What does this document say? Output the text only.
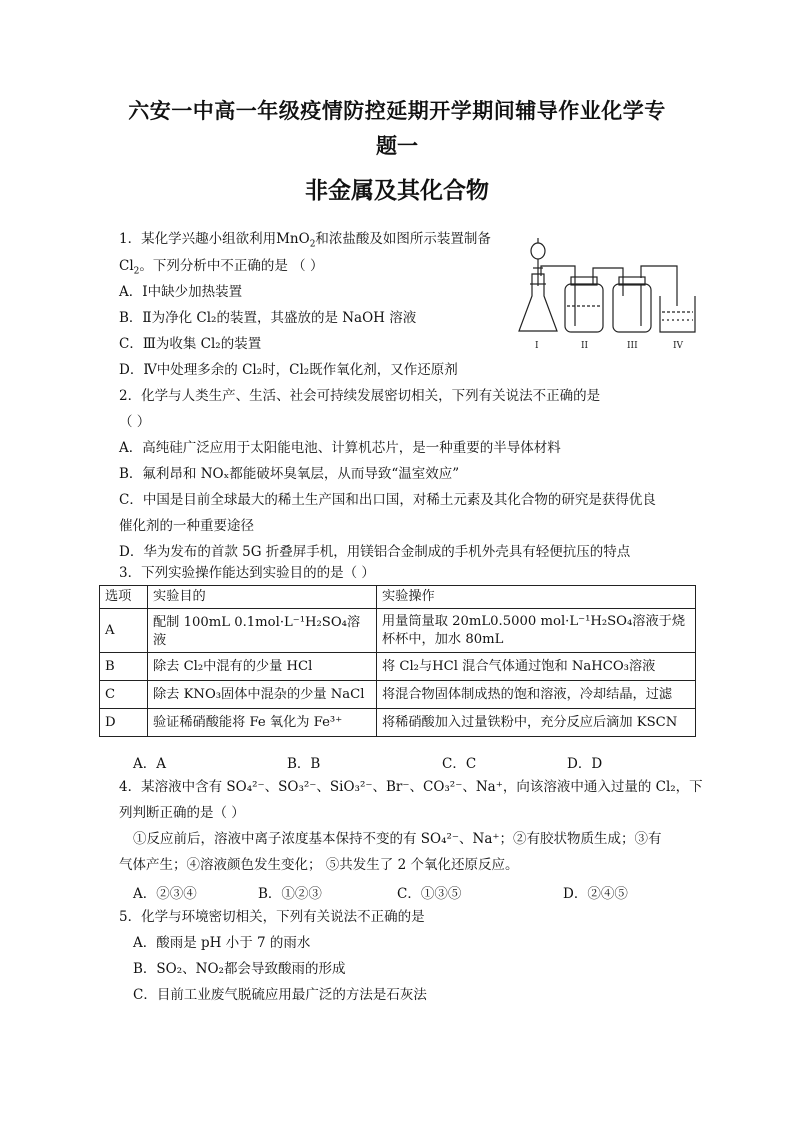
六安一中高一年级疫情防控延期开学期间辅导作业化学专
题一
非金属及其化合物
1．某化学兴趣小组欲利用MnO$_2$和浓盐酸及如图所示装置制备
$Cl_2$。下列分析中不正确的是 （ ）
A．I中缺少加热装置
B．Ⅱ为净化 Cl₂的装置，其盛放的是 NaOH 溶液
C．Ⅲ为收集 Cl₂的装置
D．Ⅳ中处理多余的 Cl₂时，Cl₂既作氧化剂，又作还原剂
I	II	III	IV
2．化学与人类生产、生活、社会可持续发展密切相关，下列有关说法不正确的是
（ ）
A．高纯硅广泛应用于太阳能电池、计算机芯片，是一种重要的半导体材料
B．氟利昂和 NOₓ都能破坏臭氧层，从而导致“温室效应”
C．中国是目前全球最大的稀土生产国和出口国，对稀土元素及其化合物的研究是获得优良
催化剂的一种重要途径
D．华为发布的首款 5G 折叠屏手机，用镁铝合金制成的手机外壳具有轻便抗压的特点
3．下列实验操作能达到实验目的的是（ ）
选项	实验目的	实验操作
A	配制 100mL 0.1mol·L⁻¹H₂SO₄溶液	用量筒量取 20mL0.5000 mol·L⁻¹H₂SO₄溶液于烧杯杯中，加水 80mL
B	除去 Cl₂中混有的少量 HCl	将 Cl₂与HCl 混合气体通过饱和 NaHCO₃溶液
C	除去 KNO₃固体中混杂的少量 NaCl	将混合物固体制成热的饱和溶液，冷却结晶，过滤
D	验证稀硝酸能将 Fe 氧化为 Fe³⁺	将稀硝酸加入过量铁粉中，充分反应后滴加 KSCN
A．A	B．B	C．C	D．D
4．某溶液中含有 SO₄²⁻、SO₃²⁻、SiO₃²⁻、Br⁻、CO₃²⁻、Na⁺，向该溶液中通入过量的 Cl₂，下
列判断正确的是（ ）
①反应前后，溶液中离子浓度基本保持不变的有 SO₄²⁻、Na⁺；②有胶状物质生成；③有
气体产生；④溶液颜色发生变化； ⑤共发生了 2 个氧化还原反应。
A．②③④	B．①②③	C．①③⑤	D．②④⑤
5．化学与环境密切相关，下列有关说法不正确的是
A．酸雨是 pH 小于 7 的雨水
B．SO₂、NO₂都会导致酸雨的形成
C．目前工业废气脱硫应用最广泛的方法是石灰法
